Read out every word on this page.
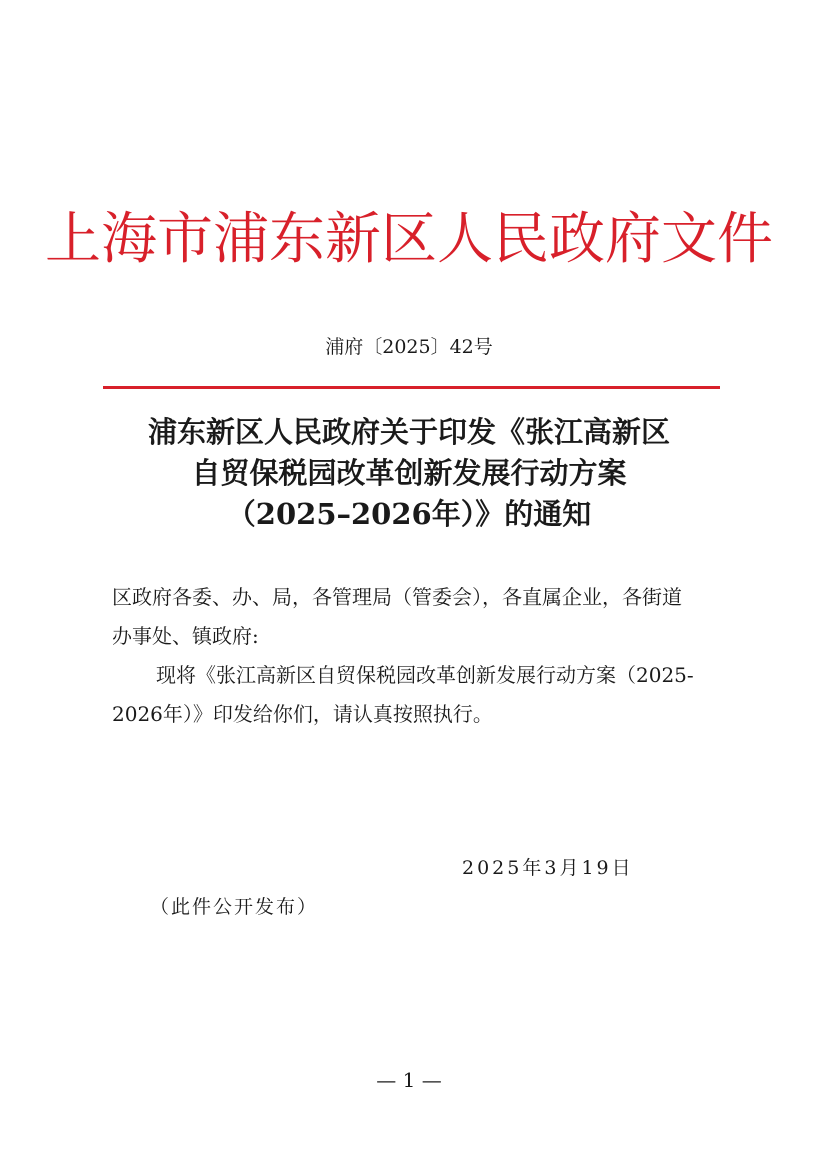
上海市浦东新区人民政府文件
浦府〔2025〕42号
浦东新区人民政府关于印发《张江高新区
自贸保税园改革创新发展行动方案
（2025–2026年）》的通知
区政府各委、办、局，各管理局（管委会），各直属企业，各街道
办事处、镇政府:
现将《张江高新区自贸保税园改革创新发展行动方案（2025-
2026年）》印发给你们，请认真按照执行。
2025年3月19日
（此件公开发布）
— 1 —
